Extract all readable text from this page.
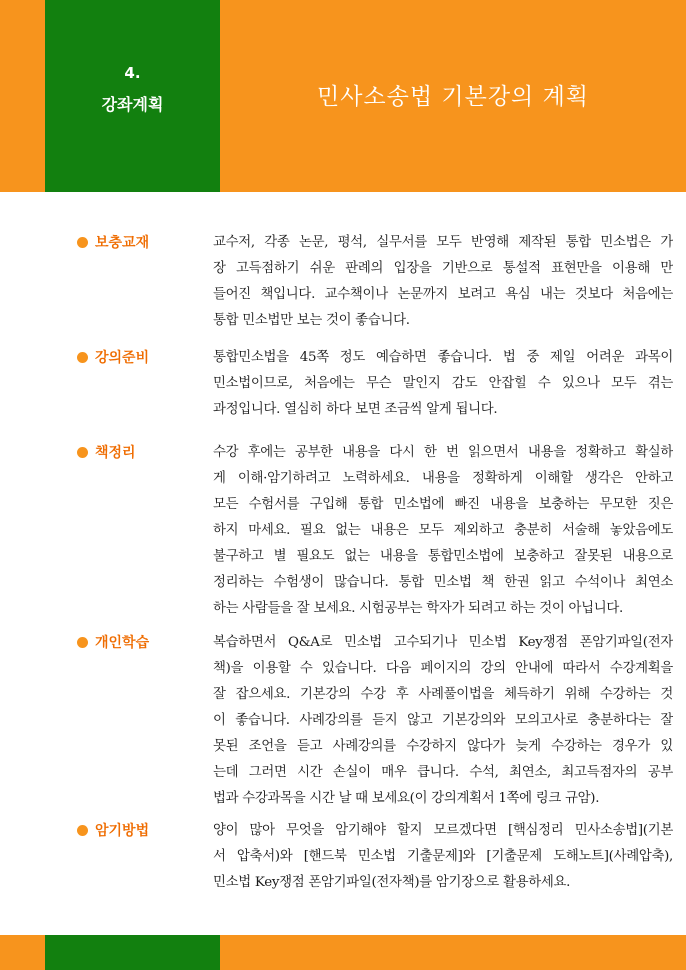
4.
강좌계획	민사소송법 기본강의 계획
보충교재	교수저, 각종 논문, 평석, 실무서를 모두 반영해 제작된 통합 민소법은 가
장 고득점하기 쉬운 판례의 입장을 기반으로 통설적 표현만을 이용해 만
들어진 책입니다. 교수책이나 논문까지 보려고 욕심 내는 것보다 처음에는
통합 민소법만 보는 것이 좋습니다.
강의준비	통합민소법을 45쪽 정도 예습하면 좋습니다. 법 중 제일 어려운 과목이
민소법이므로, 처음에는 무슨 말인지 감도 안잡힐 수 있으나 모두 겪는
과정입니다. 열심히 하다 보면 조금씩 알게 됩니다.
책정리	수강 후에는 공부한 내용을 다시 한 번 읽으면서 내용을 정확하고 확실하
게 이해·암기하려고 노력하세요. 내용을 정확하게 이해할 생각은 안하고
모든 수험서를 구입해 통합 민소법에 빠진 내용을 보충하는 무모한 짓은
하지 마세요. 필요 없는 내용은 모두 제외하고 충분히 서술해 놓았음에도
불구하고 별 필요도 없는 내용을 통합민소법에 보충하고 잘못된 내용으로
정리하는 수험생이 많습니다. 통합 민소법 책 한권 읽고 수석이나 최연소
하는 사람들을 잘 보세요. 시험공부는 학자가 되려고 하는 것이 아닙니다.
개인학습	복습하면서 Q&A로 민소법 고수되기나 민소법 Key쟁점 폰암기파일(전자
책)을 이용할 수 있습니다. 다음 페이지의 강의 안내에 따라서 수강계획을
잘 잡으세요. 기본강의 수강 후 사례풀이법을 체득하기 위해 수강하는 것
이 좋습니다. 사례강의를 듣지 않고 기본강의와 모의고사로 충분하다는 잘
못된 조언을 듣고 사례강의를 수강하지 않다가 늦게 수강하는 경우가 있
는데 그러면 시간 손실이 매우 큽니다. 수석, 최연소, 최고득점자의 공부
법과 수강과목을 시간 날 때 보세요(이 강의계획서 1쪽에 링크 규암).
암기방법	양이 많아 무엇을 암기해야 할지 모르겠다면 [핵심정리 민사소송법](기본
서 압축서)와 [핸드북 민소법 기출문제]와 [기출문제 도해노트](사례압축),
민소법 Key쟁점 폰암기파일(전자책)를 암기장으로 활용하세요.
